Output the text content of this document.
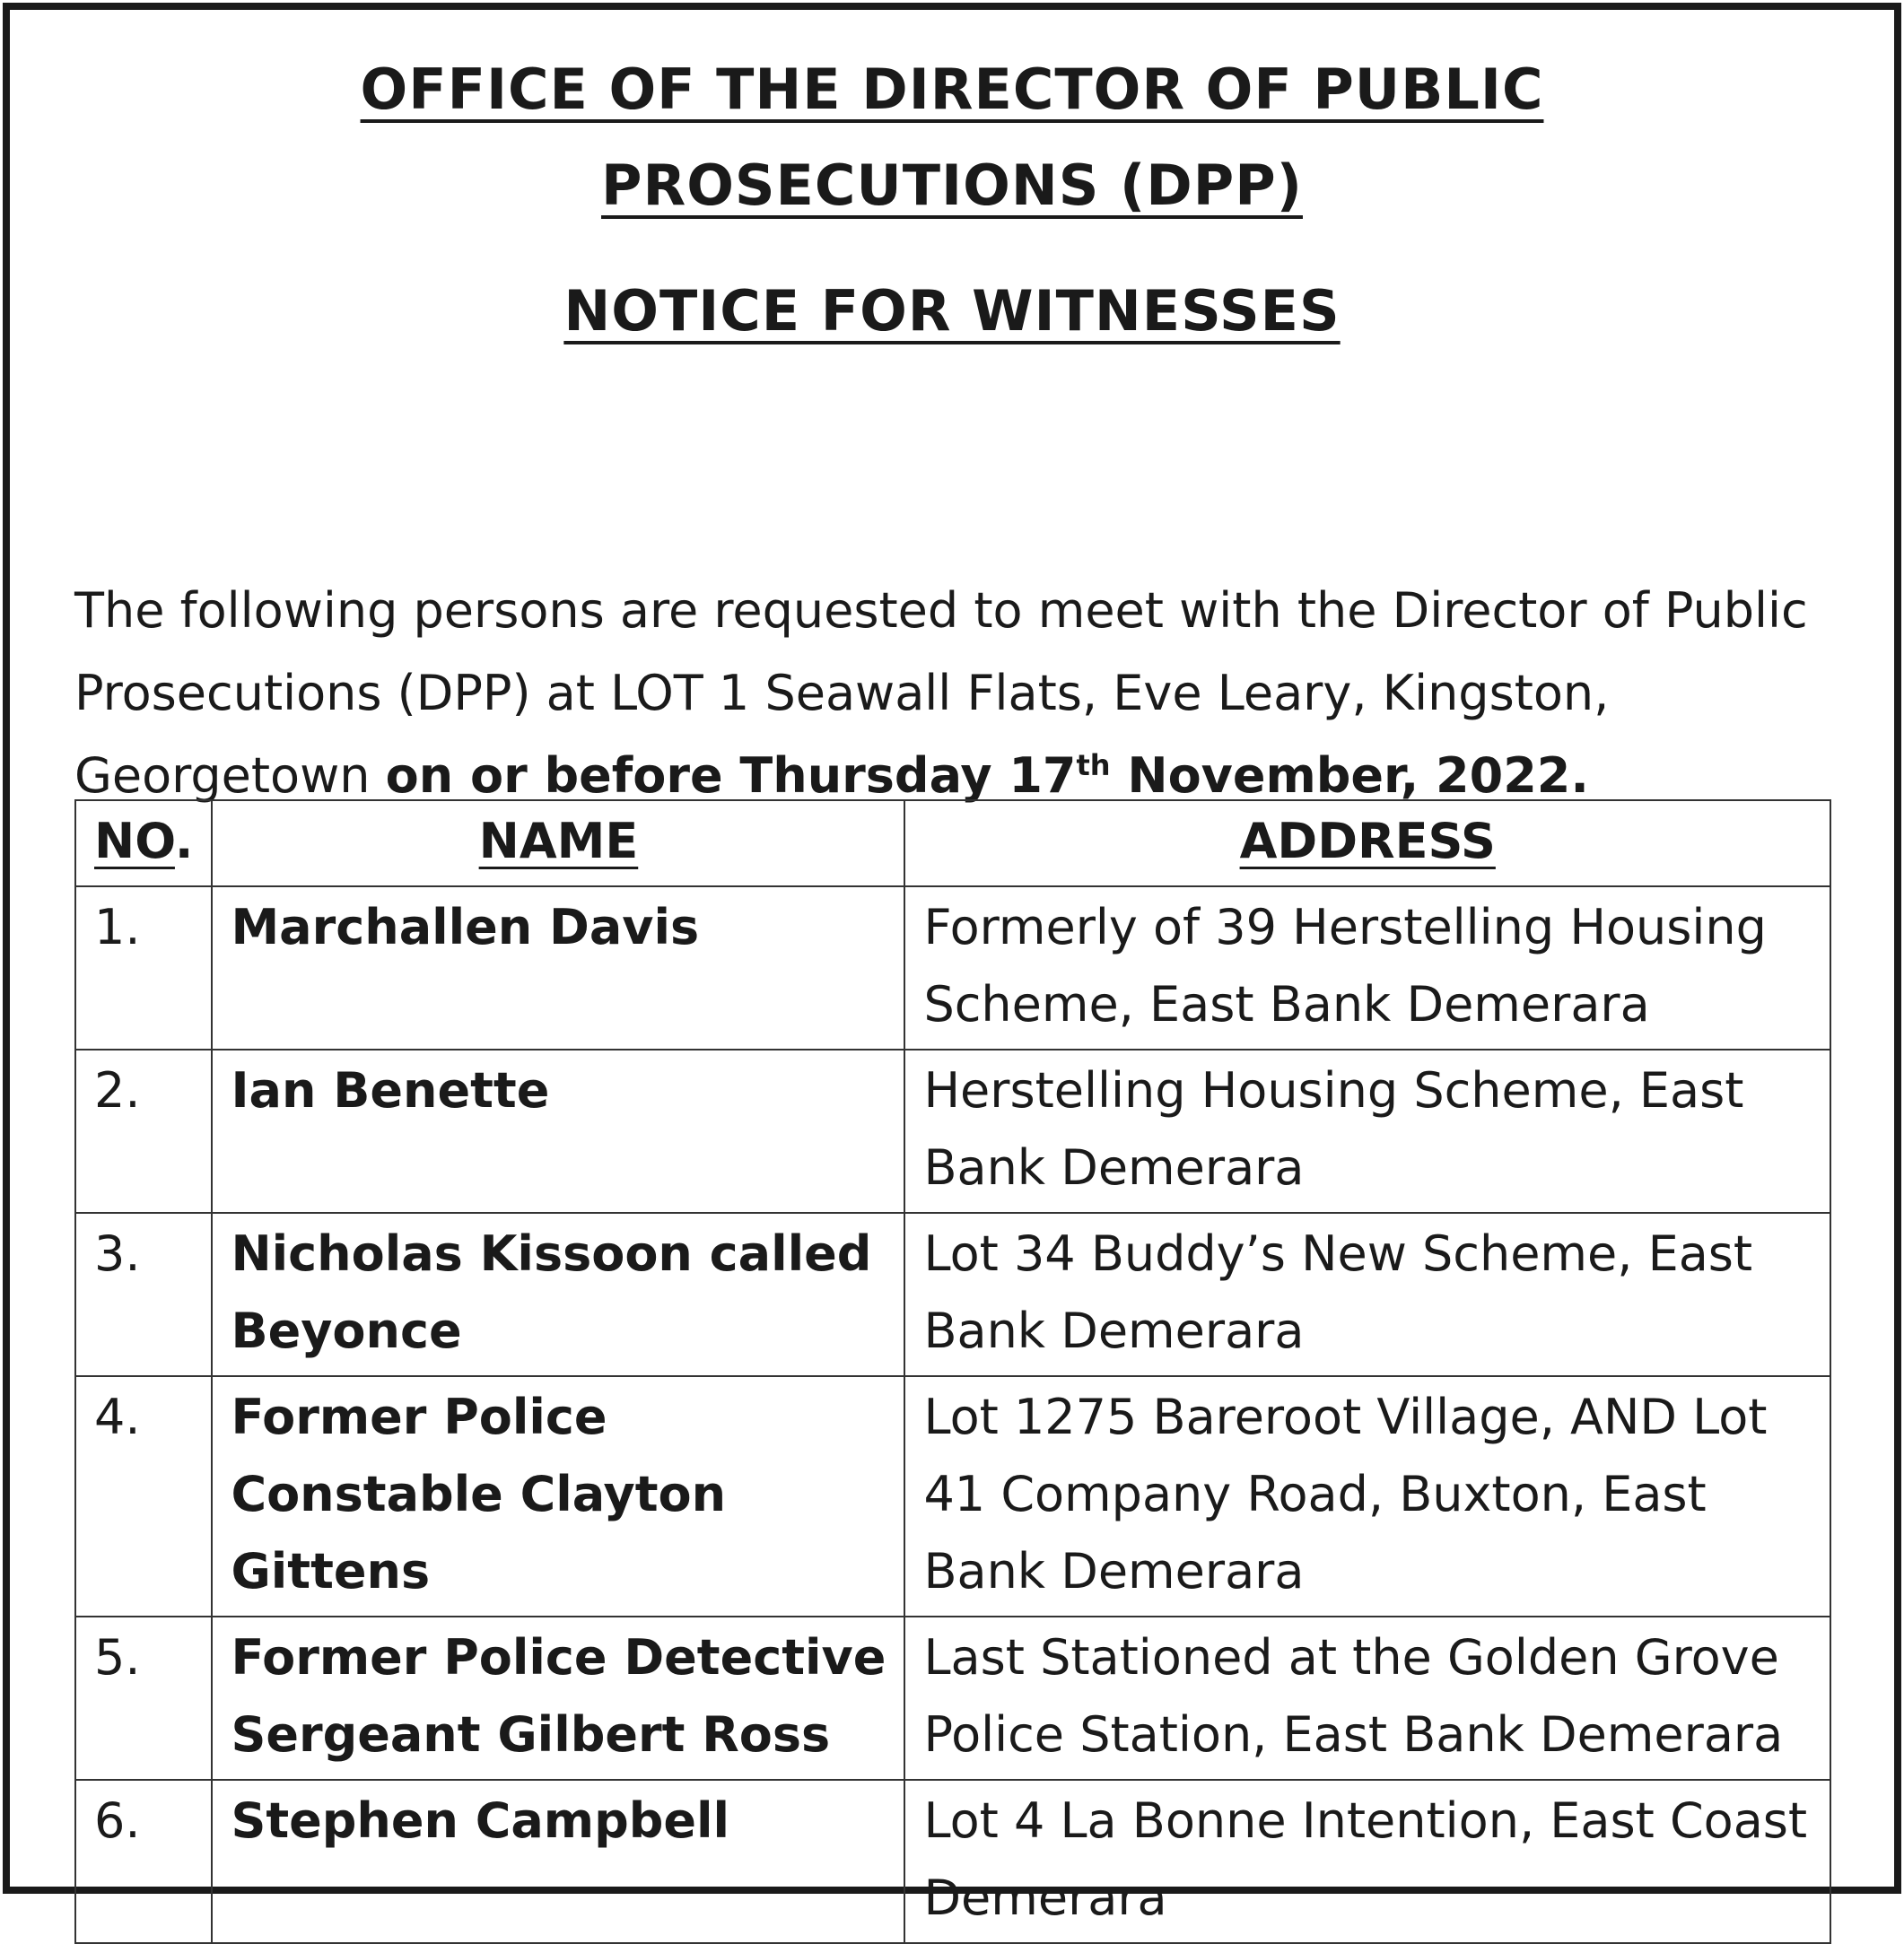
OFFICE OF THE DIRECTOR OF PUBLIC
PROSECUTIONS (DPP)
NOTICE FOR WITNESSES

The following persons are requested to meet with the Director of Public Prosecutions (DPP) at LOT 1 Seawall Flats, Eve Leary, Kingston, Georgetown on or before Thursday 17th November, 2022.

NO.	NAME	ADDRESS
1.	Marchallen Davis	Formerly of 39 Herstelling Housing Scheme, East Bank Demerara
2.	Ian Benette	Herstelling Housing Scheme, East Bank Demerara
3.	Nicholas Kissoon called Beyonce	Lot 34 Buddy’s New Scheme, East Bank Demerara
4.	Former Police Constable Clayton Gittens	Lot 1275 Bareroot Village, AND Lot 41 Company Road, Buxton, East Bank Demerara
5.	Former Police Detective Sergeant Gilbert Ross	Last Stationed at the Golden Grove Police Station, East Bank Demerara
6.	Stephen Campbell	Lot 4 La Bonne Intention, East Coast Demerara
